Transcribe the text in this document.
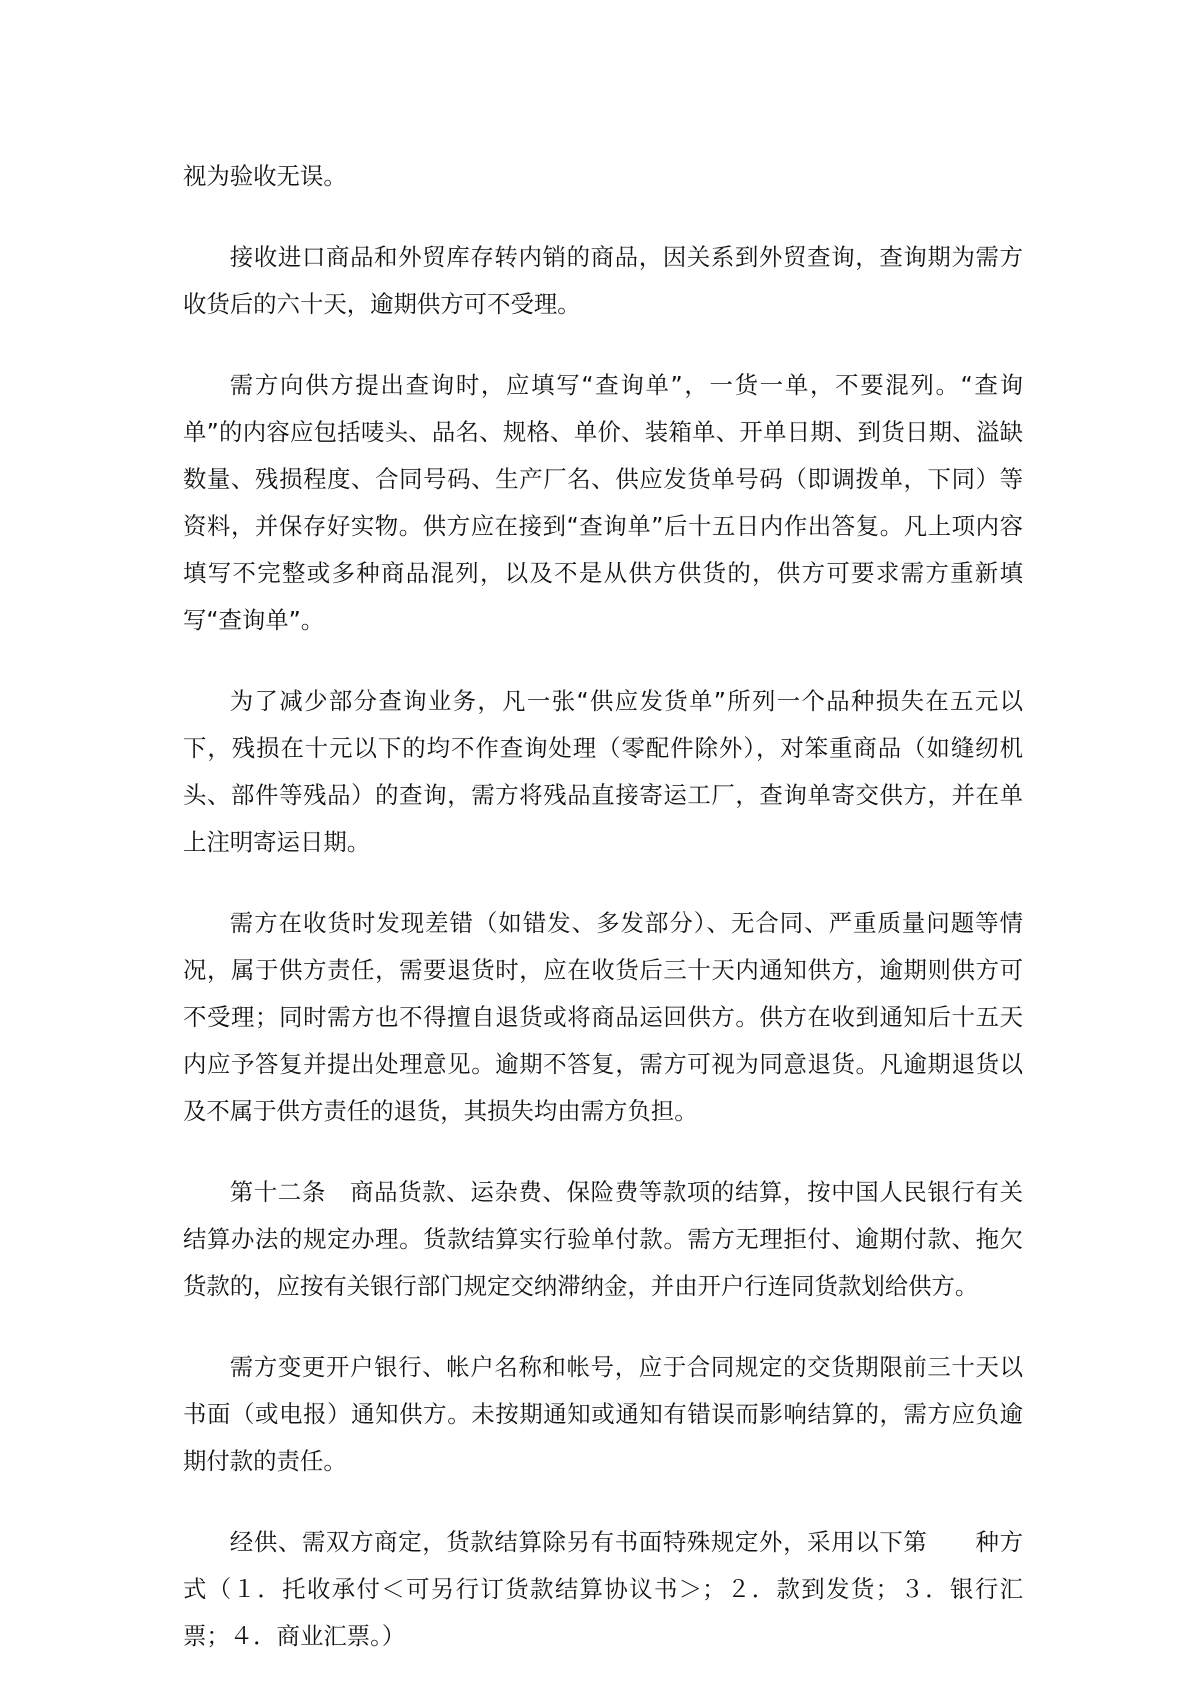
视为验收无误。

接收进口商品和外贸库存转内销的商品，因关系到外贸查询，查询期为需方收货后的六十天，逾期供方可不受理。

需方向供方提出查询时，应填写“查询单”，一货一单，不要混列。“查询单”的内容应包括唛头、品名、规格、单价、装箱单、开单日期、到货日期、溢缺数量、残损程度、合同号码、生产厂名、供应发货单号码（即调拨单，下同）等资料，并保存好实物。供方应在接到“查询单”后十五日内作出答复。凡上项内容填写不完整或多种商品混列，以及不是从供方供货的，供方可要求需方重新填写“查询单”。

为了减少部分查询业务，凡一张“供应发货单”所列一个品种损失在五元以下，残损在十元以下的均不作查询处理（零配件除外），对笨重商品（如缝纫机头、部件等残品）的查询，需方将残品直接寄运工厂，查询单寄交供方，并在单上注明寄运日期。

需方在收货时发现差错（如错发、多发部分）、无合同、严重质量问题等情况，属于供方责任，需要退货时，应在收货后三十天内通知供方，逾期则供方可不受理；同时需方也不得擅自退货或将商品运回供方。供方在收到通知后十五天内应予答复并提出处理意见。逾期不答复，需方可视为同意退货。凡逾期退货以及不属于供方责任的退货，其损失均由需方负担。

第十二条　商品货款、运杂费、保险费等款项的结算，按中国人民银行有关结算办法的规定办理。货款结算实行验单付款。需方无理拒付、逾期付款、拖欠货款的，应按有关银行部门规定交纳滞纳金，并由开户行连同货款划给供方。

需方变更开户银行、帐户名称和帐号，应于合同规定的交货期限前三十天以书面（或电报）通知供方。未按期通知或通知有错误而影响结算的，需方应负逾期付款的责任。

经供、需双方商定，货款结算除另有书面特殊规定外，采用以下第　　种方式（１．托收承付＜可另行订货款结算协议书＞；２．款到发货；３．银行汇票；４．商业汇票。）
